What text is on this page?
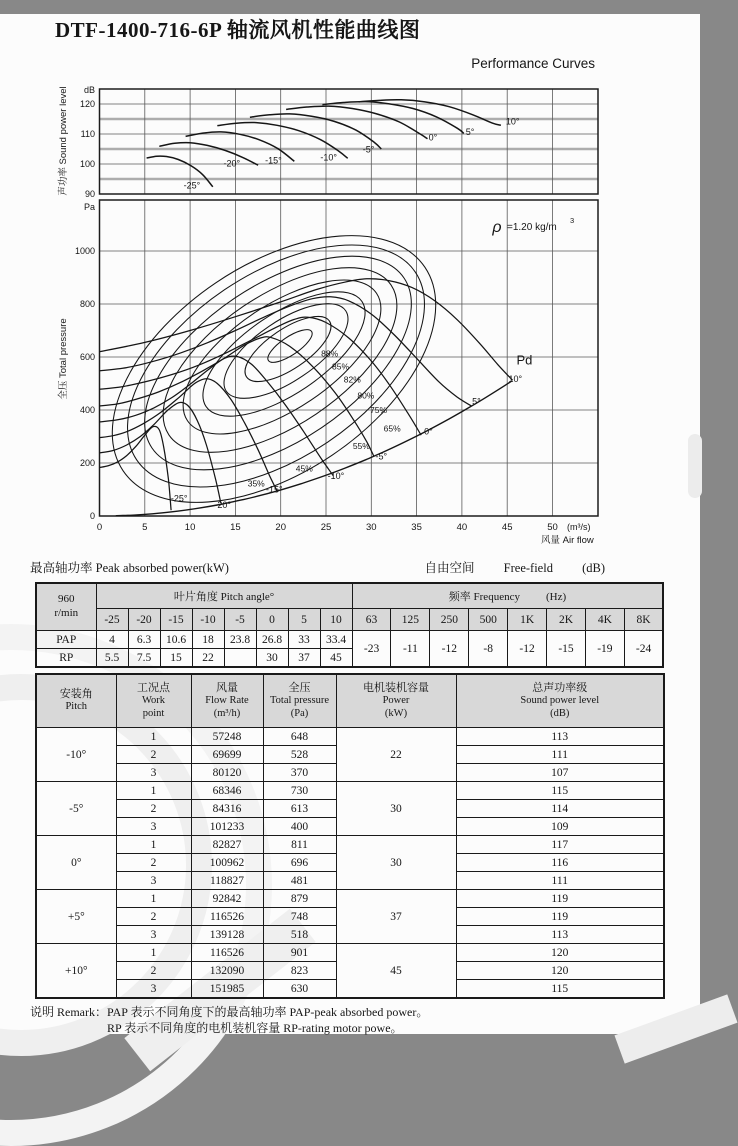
DTF-1400-716-6P 轴流风机性能曲线图
Performance Curves
dB
90
100
110
120
-25°
-20°	-15°	-10°
-5°
0°
5°
10°
声功率 Sound power level
Pa
0
200
400
600
800
1000
0	5	10	15	20	25	30	35	40	45	50 (m³/s)
风量 Air flow
全压 Total pressure	Pd
10°
5°
0°
-5°
-10°
-15°
-20°
-25°
88%
85%
82%
80%
75%
65%
55%
45%
35%
ρ =1.20 kg/m
3
最高轴功率 Peak absorbed power(kW)	自由空间 Free-field (dB)
960
r/min	叶片角度 Pitch angle°								频率 Frequency (Hz)							
	-25	-20	-15	-10	-5	0	5	10	63	125	250	500	1K	2K	4K	8K
PAP	4	6.3	10.6	18	23.8	26.8	33	33.4	-23	-11	-12	-8	-12	-15	-19	-24
RP	5.5	7.5	15	22		30	37	45								
安装角
Pitch	工况点
Work
point	风量
Flow Rate
(m³/h)	全压
Total pressure
(Pa)	电机装机容量
Power
(kW)	总声功率级
Sound power level
(dB)

-10°	1	57248	648	22	113
	2	69699	528		111
	3	80120	370		107
-5°	1	68346	730	30	115
	2	84316	613		114
	3	101233	400		109
0°	1	82827	811	30	117
	2	100962	696		116
	3	118827	481		111
+5°	1	92842	879	37	119
	2	116526	748		119
	3	139128	518		113
+10°	1	116526	901	45	120
	2	132090	823		120
	3	151985	630		115
说明 Remark： PAP 表示不同角度下的最高轴功率 PAP-peak absorbed power。
RP 表示不同角度的电机装机容量 RP-rating motor powe。
